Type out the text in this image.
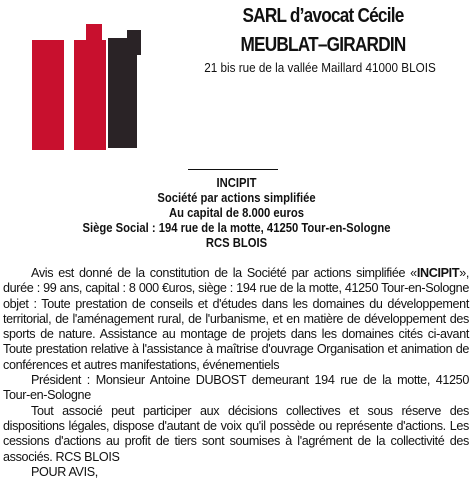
SARL d’avocat Cécile
MEUBLAT–GIRARDIN
21 bis rue de la vallée Maillard 41000 BLOIS
INCIPIT
Société par actions simplifiée
Au capital de 8.000 euros
Siège Social : 194 rue de la motte, 41250 Tour-en-Sologne
RCS BLOIS

Avis est donné de la constitution de la Société par actions simplifiée «INCIPIT», durée : 99 ans, capital : 8 000 €uros, siège : 194 rue de la motte, 41250 Tour-en-Sologne objet : Toute prestation de conseils et d'études dans les domaines du développement territorial, de l'aménagement rural, de l'urbanisme, et en matière de développement des sports de nature. Assistance au montage de projets dans les domaines cités ci-avant Toute prestation relative à l'assistance à maîtrise d'ouvrage Organisation et animation de conférences et autres manifestations, événementiels

Président : Monsieur Antoine DUBOST demeurant 194 rue de la motte, 41250 Tour-en-Sologne

Tout associé peut participer aux décisions collectives et sous réserve des dispositions légales, dispose d'autant de voix qu'il possède ou représente d'actions. Les cessions d'actions au profit de tiers sont soumises à l'agrément de la collectivité des associés. RCS BLOIS

POUR AVIS,
